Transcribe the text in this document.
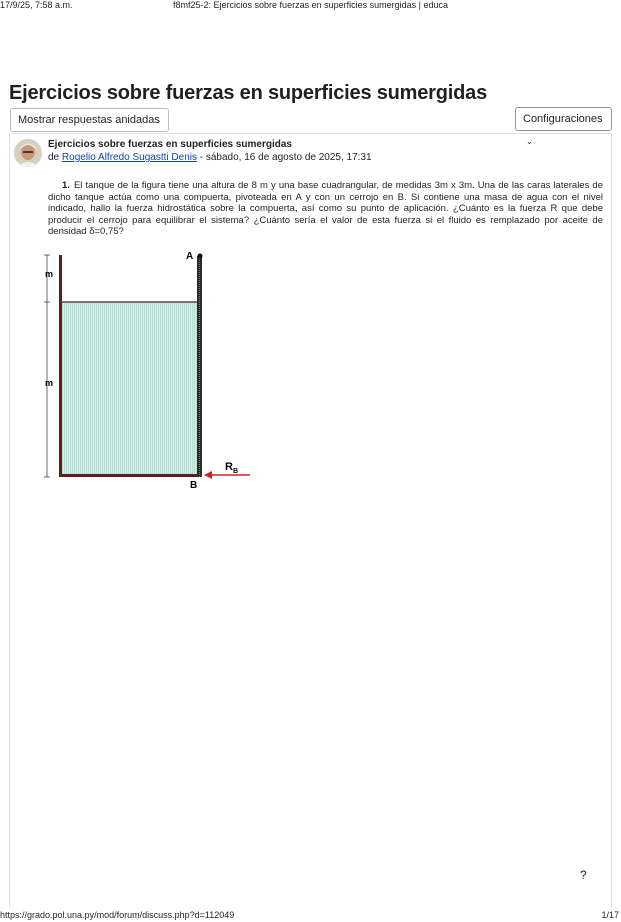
17/9/25, 7:58 a.m.	f8mf25-2: Ejercicios sobre fuerzas en superficies sumergidas | educa
Ejercicios sobre fuerzas en superficies sumergidas
Mostrar respuestas anidadas	Configuraciones ⌄
Ejercicios sobre fuerzas en superficies sumergidas
de Rogelio Alfredo Sugastti Denis - sábado, 16 de agosto de 2025, 17:31
1. El tanque de la figura tiene una altura de 8 m y una base cuadrangular, de medidas 3m x 3m. Una de las caras laterales de dicho tanque actúa como una compuerta, pivoteada en A y con un cerrojo en B. Si contiene una masa de agua con el nivel indicado, hallo la fuerza hidrostática sobre la compuerta, así como su punto de aplicación. ¿Cuánto es la fuerza R que debe producir el cerrojo para equilibrar el sistema? ¿Cuánto sería el valor de esta fuerza si el fluido es remplazado por aceite de densidad δ=0,75?
A
B
R B
m
m
?
https://grado.pol.una.py/mod/forum/discuss.php?d=112049	1/17
